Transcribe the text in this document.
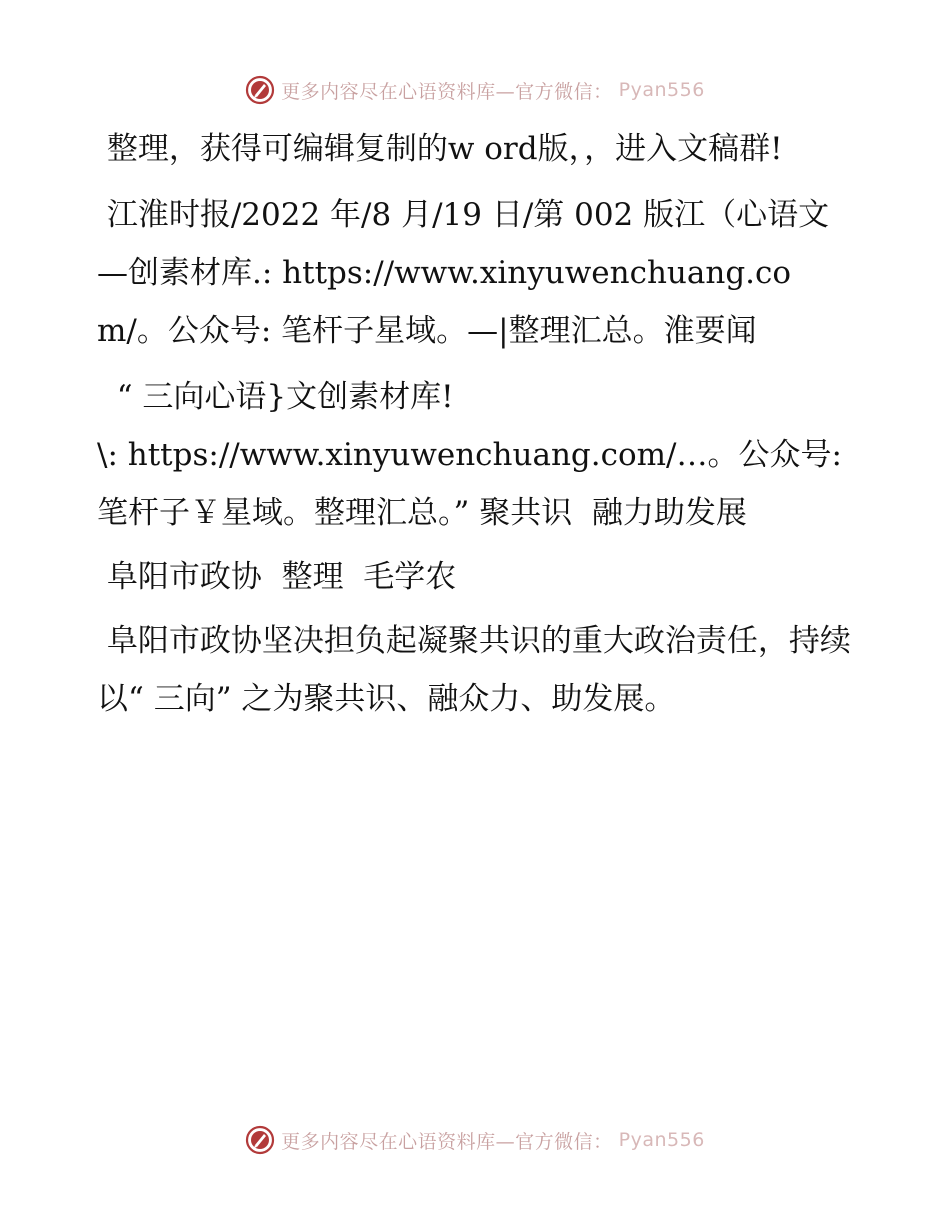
更多内容尽在心语资料库—官方微信： Pyan556

整理，获得可编辑复制的w ord版，，进入文稿群!

江淮时报/2022 年/8 月/19 日/第 002 版江（心语文—创素材库.: https://www.xinyuwenchuang.com/。公众号: 笔杆子星域。—|整理汇总。淮要闻

“ 三向心语}文创素材库!
\: https://www.xinyuwenchuang.com/…。公众号: 笔杆子￥星域。整理汇总。” 聚共识  融力助发展

阜阳市政协  整理  毛学农

阜阳市政协坚决担负起凝聚共识的重大政治责任，持续以“ 三向” 之为聚共识、融众力、助发展。

更多内容尽在心语资料库—官方微信： Pyan556
